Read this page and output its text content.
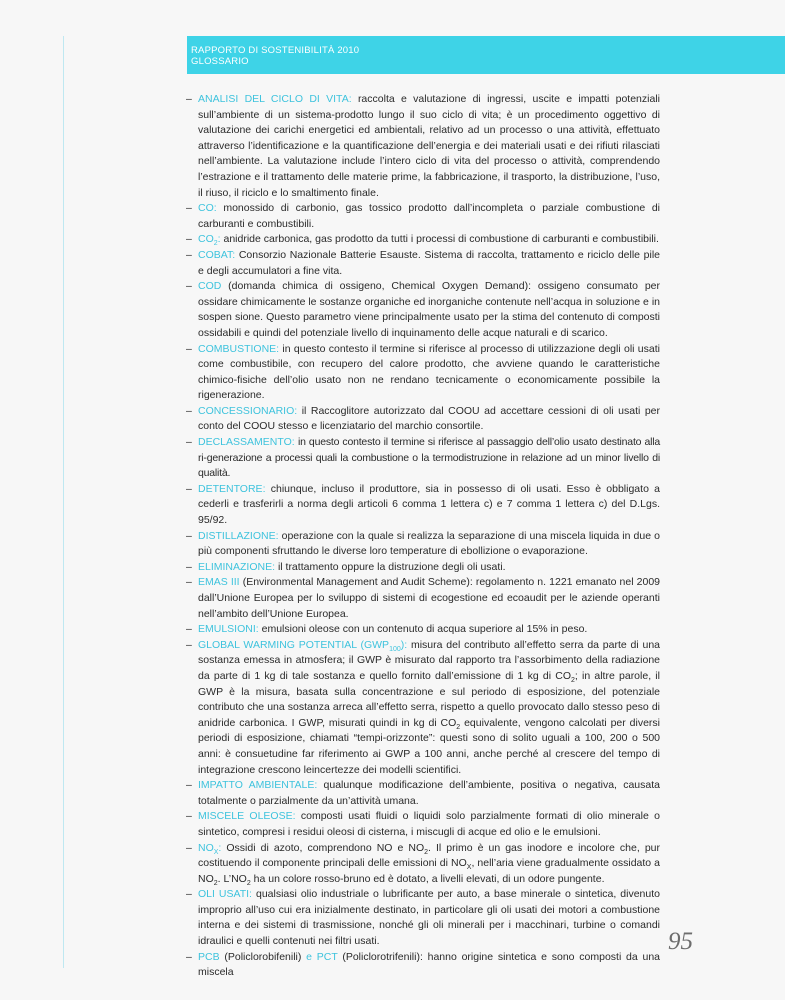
RAPPORTO DI SOSTENIBILITÀ 2010
GLOSSARIO
– ANALISI DEL CICLO DI VITA: raccolta e valutazione di ingressi, uscite e impatti potenziali sull’ambiente di un sistema-prodotto lungo il suo ciclo di vita; è un procedimento oggettivo di valutazione dei carichi energetici ed ambientali, relativo ad un processo o una attività, effettuato attraverso l’identificazione e la quantificazione dell’energia e dei materiali usati e dei rifiuti rilasciati nell’ambiente. La valutazione include l’intero ciclo di vita del processo o attività, comprendendo l’estrazione e il trattamento delle materie prime, la fabbricazione, il trasporto, la distribuzione, l’uso, il riuso, il riciclo e lo smaltimento finale.
– CO: monossido di carbonio, gas tossico prodotto dall’incompleta o parziale combustione di carburanti e combustibili.
– $CO_2$: anidride carbonica, gas prodotto da tutti i processi di combustione di carburanti e combustibili.
– COBAT: Consorzio Nazionale Batterie Esauste. Sistema di raccolta, trattamento e riciclo delle pile e degli accumulatori a fine vita.
– COD (domanda chimica di ossigeno, Chemical Oxygen Demand): ossigeno consumato per ossidare chimicamente le sostanze organiche ed inorganiche contenute nell’acqua in soluzione e in sospen sione. Questo parametro viene principalmente usato per la stima del contenuto di composti ossidabili e quindi del potenziale livello di inquinamento delle acque naturali e di scarico.
– COMBUSTIONE: in questo contesto il termine si riferisce al processo di utilizzazione degli oli usati come combustibile, con recupero del calore prodotto, che avviene quando le caratteristiche chimico-fisiche dell’olio usato non ne rendano tecnicamente o economicamente possibile la rigenerazione.
– CONCESSIONARIO: il Raccoglitore autorizzato dal COOU ad accettare cessioni di oli usati per conto del COOU stesso e licenziatario del marchio consortile.
– DECLASSAMENTO: in questo contesto il termine si riferisce al passaggio dell’olio usato destinato alla ri-generazione a processi quali la combustione o la termodistruzione in relazione ad un minor livello di qualità.
– DETENTORE: chiunque, incluso il produttore, sia in possesso di oli usati. Esso è obbligato a cederli e trasferirli a norma degli articoli 6 comma 1 lettera c) e 7 comma 1 lettera c) del D.Lgs. 95/92.
– DISTILLAZIONE: operazione con la quale si realizza la separazione di una miscela liquida in due o più componenti sfruttando le diverse loro temperature di ebollizione o evaporazione.
– ELIMINAZIONE: il trattamento oppure la distruzione degli oli usati.
– EMAS III (Environmental Management and Audit Scheme): regolamento n. 1221 emanato nel 2009 dall’Unione Europea per lo sviluppo di sistemi di ecogestione ed ecoaudit per le aziende operanti nell’ambito dell’Unione Europea.
– EMULSIONI: emulsioni oleose con un contenuto di acqua superiore al 15% in peso.
– GLOBAL WARMING POTENTIAL $(GWP_{100})$: misura del contributo all’effetto serra da parte di una sostanza emessa in atmosfera; il GWP è misurato dal rapporto tra l’assorbimento della radiazione da parte di 1 kg di tale sostanza e quello fornito dall’emissione di 1 kg di $CO_2$; in altre parole, il GWP è la misura, basata sulla concentrazione e sul periodo di esposizione, del potenziale contributo che una sostanza arreca all’effetto serra, rispetto a quello provocato dallo stesso peso di anidride carbonica. I GWP, misurati quindi in kg di $CO_2$ equivalente, vengono calcolati per diversi periodi di esposizione, chiamati “tempi-orizzonte”: questi sono di solito uguali a 100, 200 o 500 anni: è consuetudine far riferimento ai GWP a 100 anni, anche perché al crescere del tempo di integrazione crescono leincertezze dei modelli scientifici.
– IMPATTO AMBIENTALE: qualunque modificazione dell’ambiente, positiva o negativa, causata totalmente o parzialmente da un’attività umana.
– MISCELE OLEOSE: composti usati fluidi o liquidi solo parzialmente formati di olio minerale o sintetico, compresi i residui oleosi di cisterna, i miscugli di acque ed olio e le emulsioni.
– $NO_X$: Ossidi di azoto, comprendono NO e $NO_2$. Il primo è un gas inodore e incolore che, pur costituendo il componente principali delle emissioni di $NO_X$, nell’aria viene gradualmente ossidato a $NO_2$. $L’NO_2$ ha un colore rosso-bruno ed è dotato, a livelli elevati, di un odore pungente.
– OLI USATI: qualsiasi olio industriale o lubrificante per auto, a base minerale o sintetica, divenuto improprio all’uso cui era inizialmente destinato, in particolare gli oli usati dei motori a combustione interna e dei sistemi di trasmissione, nonché gli oli minerali per i macchinari, turbine o comandi idraulici e quelli contenuti nei filtri usati.
– PCB (Policlorobifenili) e PCT (Policlorotrifenili): hanno origine sintetica e sono composti da una miscela
95
